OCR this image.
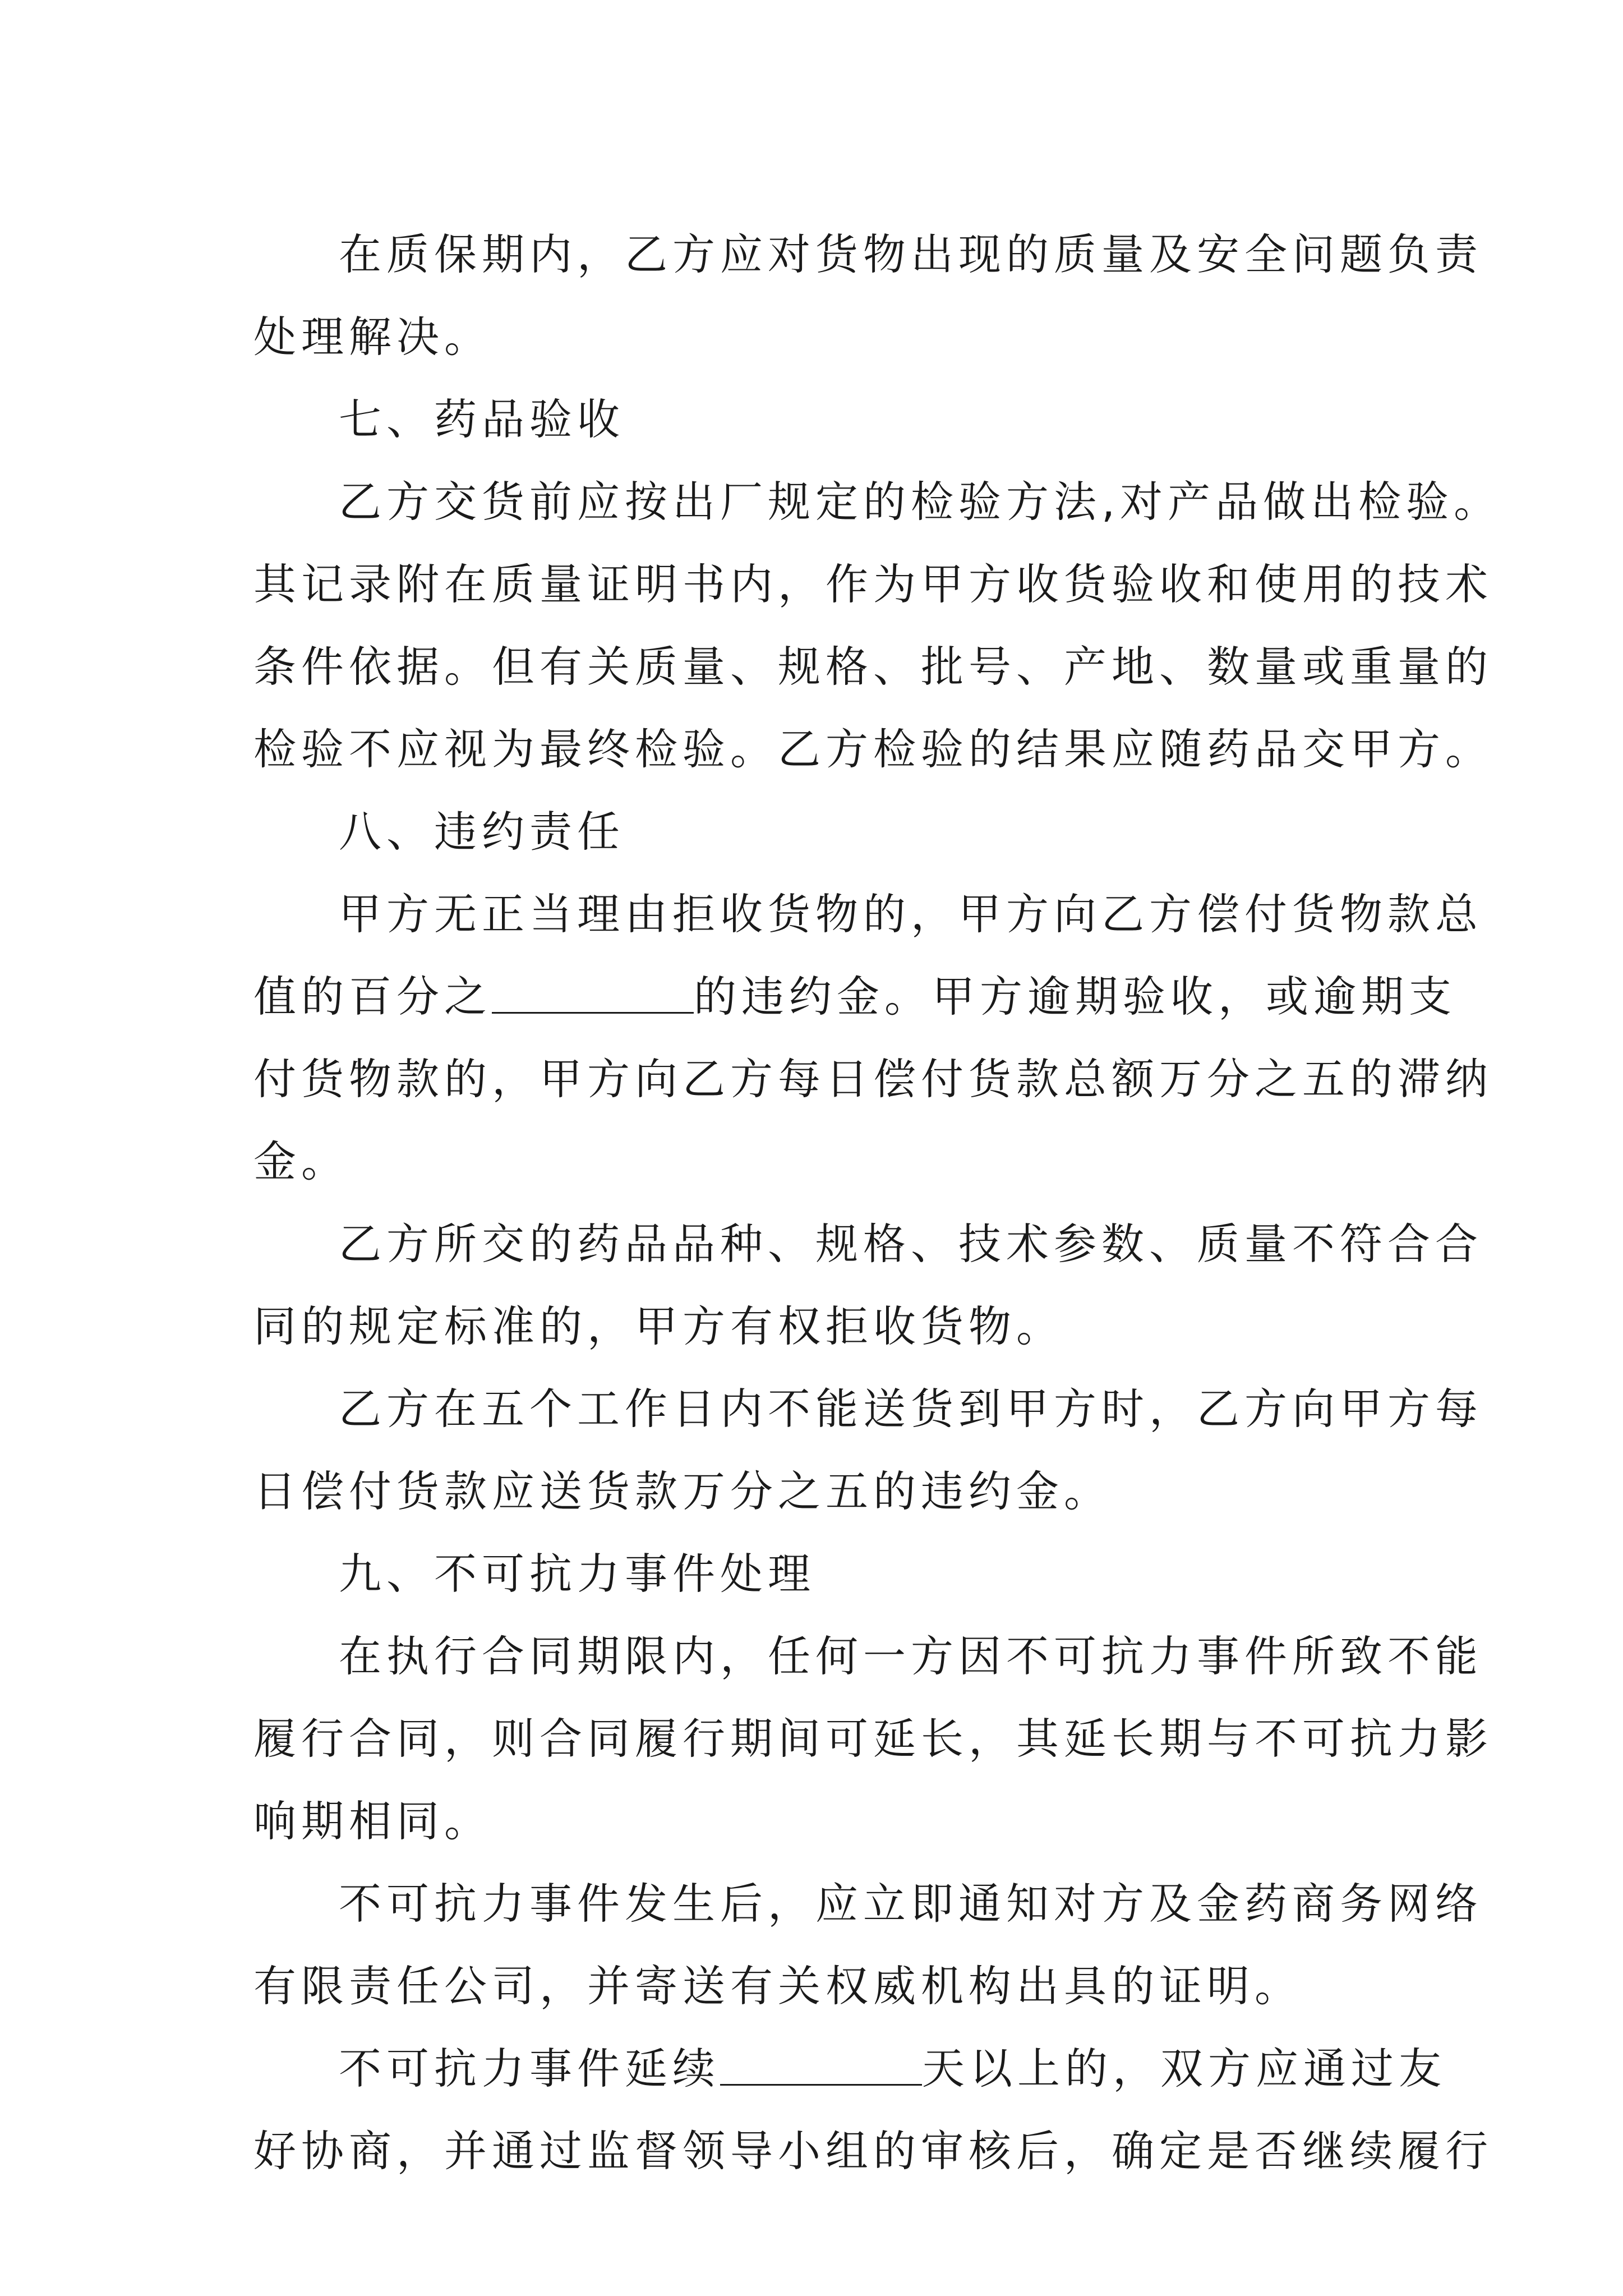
在质保期内，乙方应对货物出现的质量及安全问题负责
处理解决。
七、药品验收
乙方交货前应按出厂规定的检验方法,对产品做出检验。
其记录附在质量证明书内，作为甲方收货验收和使用的技术
条件依据。但有关质量、规格、批号、产地、数量或重量的
检验不应视为最终检验。乙方检验的结果应随药品交甲方。
八、违约责任
甲方无正当理由拒收货物的，甲方向乙方偿付货物款总
值的百分之	的违约金。甲方逾期验收，或逾期支
付货物款的，甲方向乙方每日偿付货款总额万分之五的滞纳
金。
乙方所交的药品品种、规格、技术参数、质量不符合合
同的规定标准的，甲方有权拒收货物。
乙方在五个工作日内不能送货到甲方时，乙方向甲方每
日偿付货款应送货款万分之五的违约金。
九、不可抗力事件处理
在执行合同期限内，任何一方因不可抗力事件所致不能
履行合同，则合同履行期间可延长，其延长期与不可抗力影
响期相同。
不可抗力事件发生后，应立即通知对方及金药商务网络
有限责任公司，并寄送有关权威机构出具的证明。
不可抗力事件延续	天以上的，双方应通过友
好协商，并通过监督领导小组的审核后，确定是否继续履行
